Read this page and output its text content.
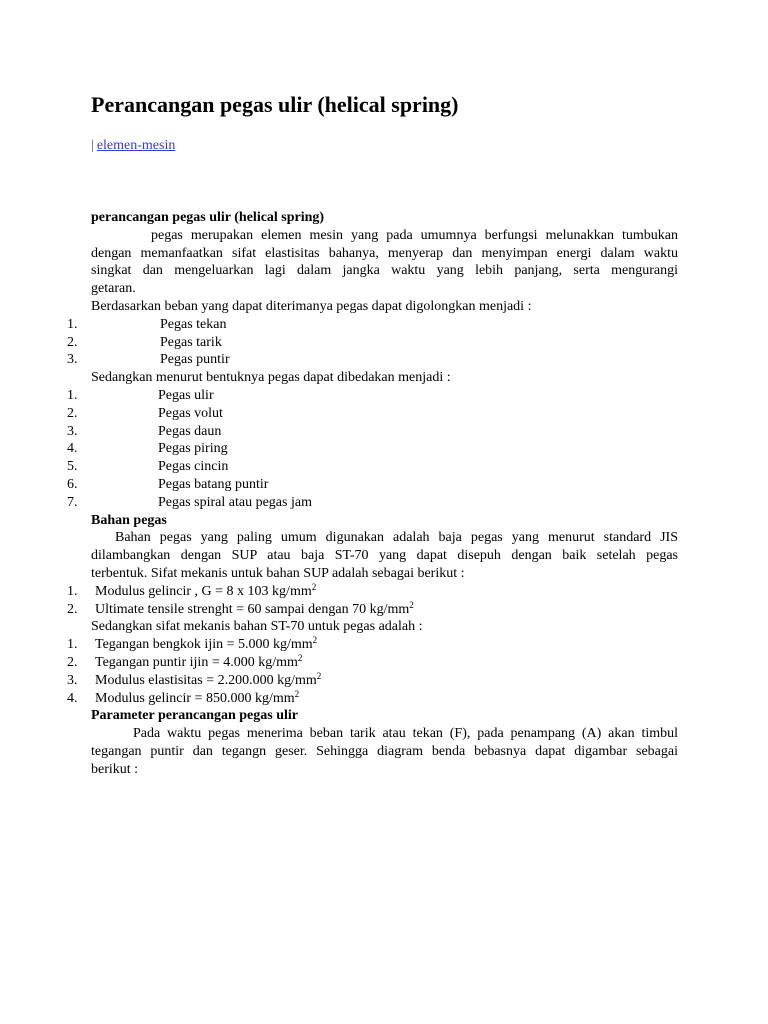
Perancangan pegas ulir (helical spring)
| elemen-mesin
perancangan pegas ulir (helical spring)
pegas merupakan elemen mesin yang pada umumnya berfungsi melunakkan tumbukan
dengan memanfaatkan sifat elastisitas bahanya, menyerap dan menyimpan energi dalam waktu
singkat dan mengeluarkan lagi dalam jangka waktu yang lebih panjang, serta mengurangi
getaran.
Berdasarkan beban yang dapat diterimanya pegas dapat digolongkan menjadi :
1.	Pegas tekan
2.	Pegas tarik
3.	Pegas puntir
Sedangkan menurut bentuknya pegas dapat dibedakan menjadi :
1.	Pegas ulir
2.	Pegas volut
3.	Pegas daun
4.	Pegas piring
5.	Pegas cincin
6.	Pegas batang puntir
7.	Pegas spiral atau pegas jam
Bahan pegas
Bahan pegas yang paling umum digunakan adalah baja pegas yang menurut standard JIS
dilambangkan dengan SUP atau baja ST-70 yang dapat disepuh dengan baik setelah pegas
terbentuk. Sifat mekanis untuk bahan SUP adalah sebagai berikut :
1. Modulus gelincir , G = 8 x 103 $kg/mm^2$
2. Ultimate tensile strenght = 60 sampai dengan 70 $kg/mm^2$
Sedangkan sifat mekanis bahan ST-70 untuk pegas adalah :
1. Tegangan bengkok ijin = 5.000 $kg/mm^2$
2. Tegangan puntir ijin = 4.000 $kg/mm^2$
3. Modulus elastisitas = 2.200.000 $kg/mm^2$
4. Modulus gelincir = 850.000 $kg/mm^2$
Parameter perancangan pegas ulir
Pada waktu pegas menerima beban tarik atau tekan (F), pada penampang (A) akan timbul
tegangan puntir dan tegangn geser. Sehingga diagram benda bebasnya dapat digambar sebagai
berikut :
